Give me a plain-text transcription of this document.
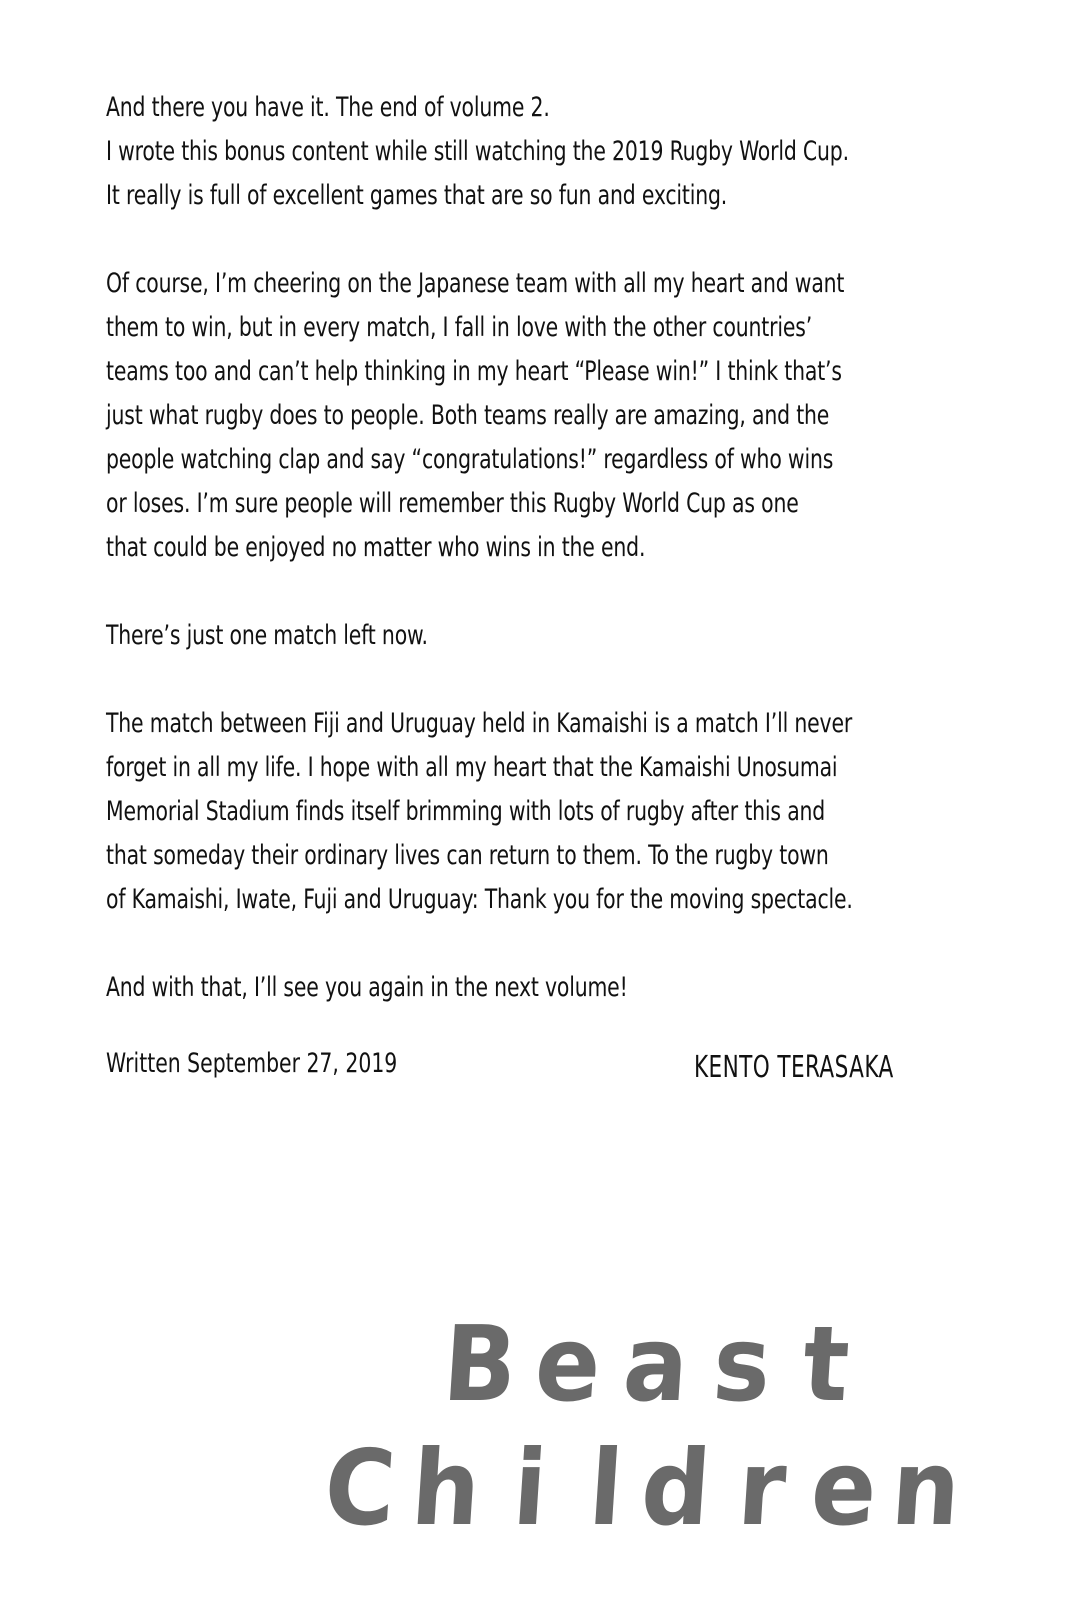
And there you have it. The end of volume 2.
I wrote this bonus content while still watching the 2019 Rugby World Cup.
It really is full of excellent games that are so fun and exciting.
Of course, I’m cheering on the Japanese team with all my heart and want
them to win, but in every match, I fall in love with the other countries’
teams too and can’t help thinking in my heart “Please win!” I think that’s
just what rugby does to people. Both teams really are amazing, and the
people watching clap and say “congratulations!” regardless of who wins
or loses. I’m sure people will remember this Rugby World Cup as one
that could be enjoyed no matter who wins in the end.
There’s just one match left now.
The match between Fiji and Uruguay held in Kamaishi is a match I’ll never
forget in all my life. I hope with all my heart that the Kamaishi Unosumai
Memorial Stadium finds itself brimming with lots of rugby after this and
that someday their ordinary lives can return to them. To the rugby town
of Kamaishi, Iwate, Fuji and Uruguay: Thank you for the moving spectacle.
And with that, I’ll see you again in the next volume!
Written September 27, 2019	KENTO TERASAKA
B e a s t
C h i l d r e n
